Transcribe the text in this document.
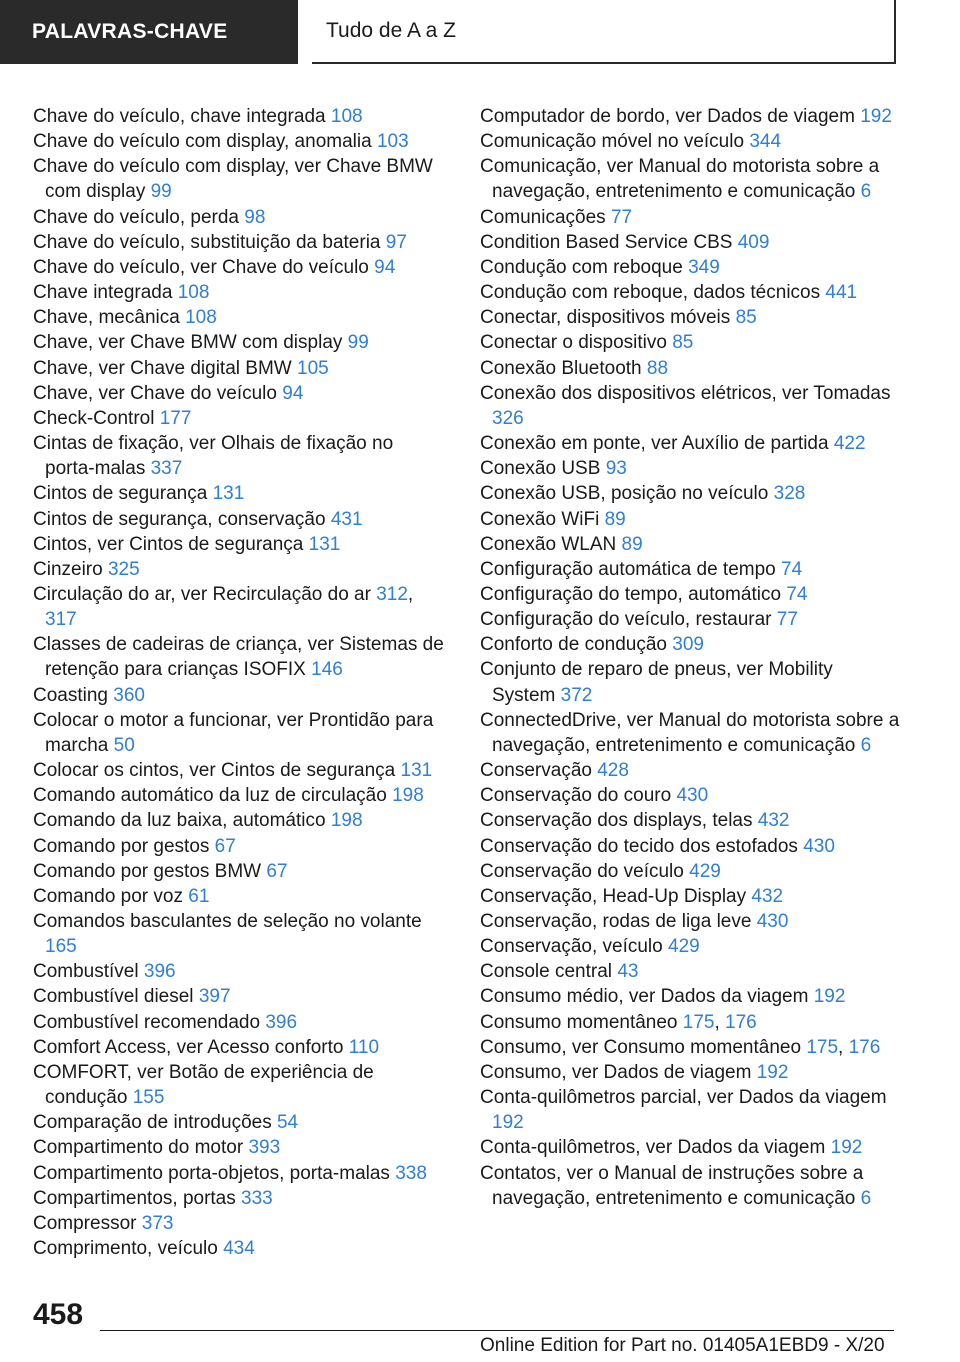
PALAVRAS-CHAVE	Tudo de A a Z
Chave do veículo, chave integrada 108
Chave do veículo com display, anomalia 103
Chave do veículo com display, ver Chave BMW com display 99
Chave do veículo, perda 98
Chave do veículo, substituição da bateria 97
Chave do veículo, ver Chave do veículo 94
Chave integrada 108
Chave, mecânica 108
Chave, ver Chave BMW com display 99
Chave, ver Chave digital BMW 105
Chave, ver Chave do veículo 94
Check-Control 177
Cintas de fixação, ver Olhais de fixação no porta-malas 337
Cintos de segurança 131
Cintos de segurança, conservação 431
Cintos, ver Cintos de segurança 131
Cinzeiro 325
Circulação do ar, ver Recirculação do ar 312, 317
Classes de cadeiras de criança, ver Sistemas de retenção para crianças ISOFIX 146
Coasting 360
Colocar o motor a funcionar, ver Prontidão para marcha 50
Colocar os cintos, ver Cintos de segurança 131
Comando automático da luz de circulação 198
Comando da luz baixa, automático 198
Comando por gestos 67
Comando por gestos BMW 67
Comando por voz 61
Comandos basculantes de seleção no volante 165
Combustível 396
Combustível diesel 397
Combustível recomendado 396
Comfort Access, ver Acesso conforto 110
COMFORT, ver Botão de experiência de condução 155
Comparação de introduções 54
Compartimento do motor 393
Compartimento porta-objetos, porta-malas 338
Compartimentos, portas 333
Compressor 373
Comprimento, veículo 434
Computador de bordo, ver Dados de viagem 192
Comunicação móvel no veículo 344
Comunicação, ver Manual do motorista sobre a navegação, entretenimento e comunicação 6
Comunicações 77
Condition Based Service CBS 409
Condução com reboque 349
Condução com reboque, dados técnicos 441
Conectar, dispositivos móveis 85
Conectar o dispositivo 85
Conexão Bluetooth 88
Conexão dos dispositivos elétricos, ver Tomadas 326
Conexão em ponte, ver Auxílio de partida 422
Conexão USB 93
Conexão USB, posição no veículo 328
Conexão WiFi 89
Conexão WLAN 89
Configuração automática de tempo 74
Configuração do tempo, automático 74
Configuração do veículo, restaurar 77
Conforto de condução 309
Conjunto de reparo de pneus, ver Mobility System 372
ConnectedDrive, ver Manual do motorista sobre a navegação, entretenimento e comunicação 6
Conservação 428
Conservação do couro 430
Conservação dos displays, telas 432
Conservação do tecido dos estofados 430
Conservação do veículo 429
Conservação, Head-Up Display 432
Conservação, rodas de liga leve 430
Conservação, veículo 429
Console central 43
Consumo médio, ver Dados da viagem 192
Consumo momentâneo 175, 176
Consumo, ver Consumo momentâneo 175, 176
Consumo, ver Dados de viagem 192
Conta-quilômetros parcial, ver Dados da viagem 192
Conta-quilômetros, ver Dados da viagem 192
Contatos, ver o Manual de instruções sobre a navegação, entretenimento e comunicação 6
458
Online Edition for Part no. 01405A1EBD9 - X/20
